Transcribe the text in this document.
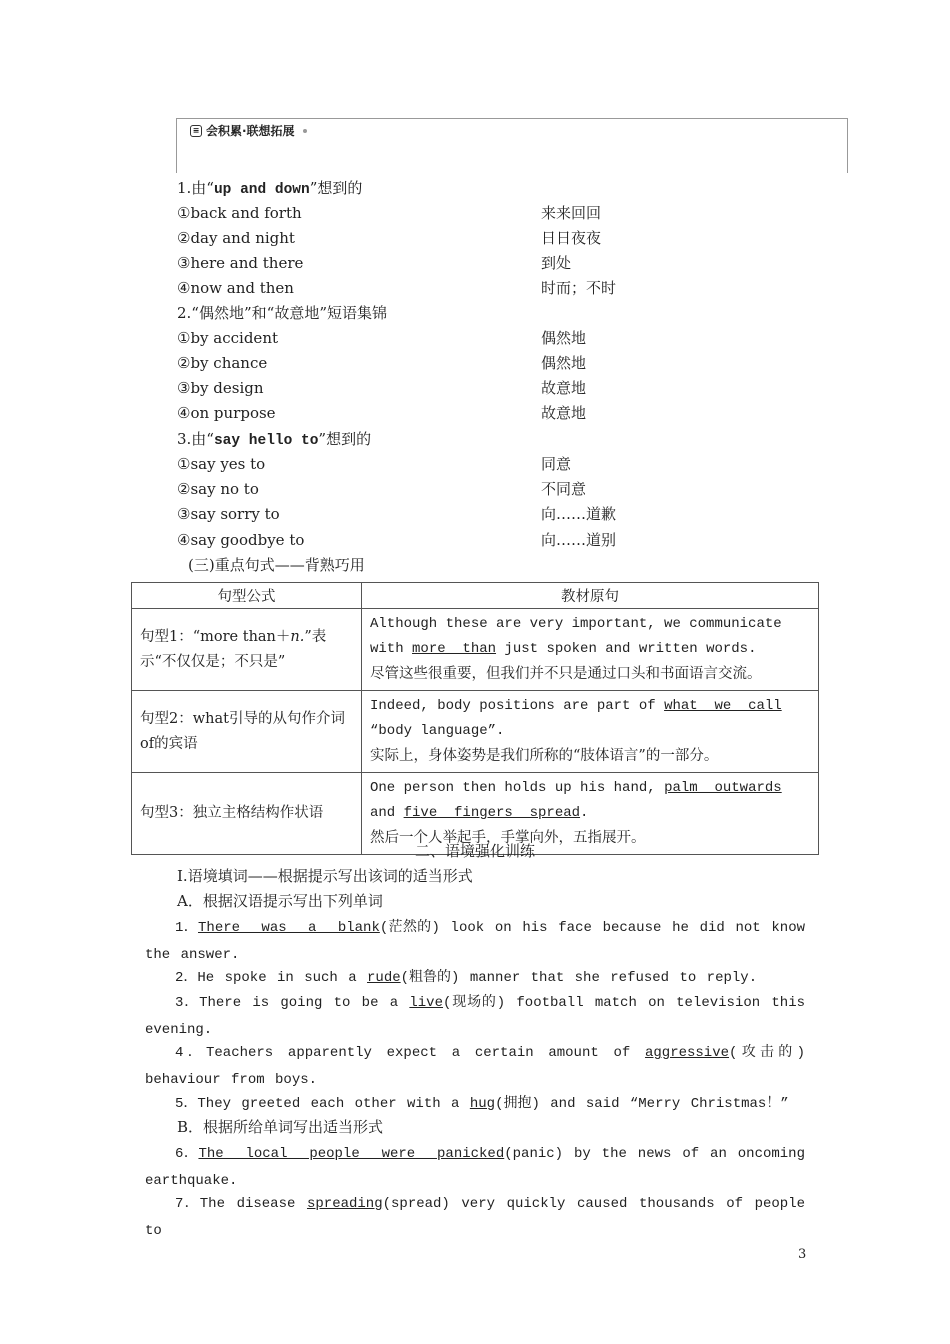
≡ 会积累·联想拓展
1.由“up and down”想到的
①back and forth	来来回回
②day and night	日日夜夜
③here and there	到处
④now and then	时而；不时
2.“偶然地”和“故意地”短语集锦
①by accident	偶然地
②by chance	偶然地
③by design	故意地
④on purpose	故意地
3.由“say hello to”想到的
①say yes to	同意
②say no to	不同意
③say sorry to	向……道歉
④say goodbye to	向……道别
(三)重点句式——背熟巧用
句型公式	教材原句
句型1：“more than＋n.”表示“不仅仅是；不只是”	Although these are very important, we communicate
with more  than just spoken and written words.
尽管这些很重要，但我们并不只是通过口头和书面语言交流。

句型2：what引导的从句作介词of的宾语	Indeed, body positions are part of what  we  call
“body language”.
实际上，身体姿势是我们所称的“肢体语言”的一部分。

句型3：独立主格结构作状语	One person then holds up his hand, palm  outwards
and five  fingers  spread.
然后一个人举起手，手掌向外，五指展开。
二、语境强化训练
Ⅰ.语境填词——根据提示写出该词的适当形式
A．根据汉语提示写出下列单词
1．There  was  a  blank(茫然的) look on his face because he did not know the answer.
2．He spoke in such a rude(粗鲁的) manner that she refused to reply.
3．There is going to be a live(现场的) football match on television this evening.
4．Teachers apparently expect a certain amount of aggressive(攻击的) behaviour from boys.
5．They greeted each other with a hug(拥抱) and said “Merry Christmas！”
B．根据所给单词写出适当形式
6．The  local  people  were  panicked(panic) by the news of an oncoming earthquake.
7．The disease spreading(spread) very quickly caused thousands of people to
3
